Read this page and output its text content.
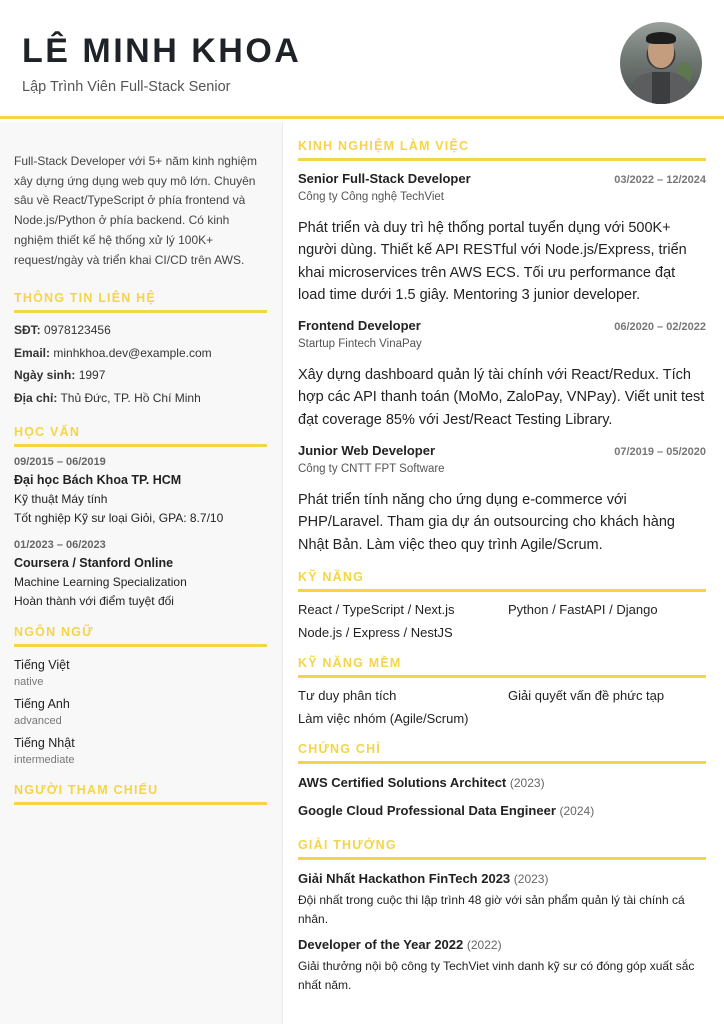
LÊ MINH KHOA
Lập Trình Viên Full-Stack Senior

Full-Stack Developer với 5+ năm kinh nghiệm xây dựng ứng dụng web quy mô lớn. Chuyên sâu về React/TypeScript ở phía frontend và Node.js/Python ở phía backend. Có kinh nghiệm thiết kế hệ thống xử lý 100K+ request/ngày và triển khai CI/CD trên AWS.

THÔNG TIN LIÊN HỆ
SĐT: 0978123456
Email: minhkhoa.dev@example.com
Ngày sinh: 1997
Địa chỉ: Thủ Đức, TP. Hồ Chí Minh
HỌC VẤN
09/2015 – 06/2019
Đại học Bách Khoa TP. HCM
Kỹ thuật Máy tính
Tốt nghiệp Kỹ sư loại Giỏi, GPA: 8.7/10
01/2023 – 06/2023
Coursera / Stanford Online
Machine Learning Specialization
Hoàn thành với điểm tuyệt đối
NGÔN NGỮ
Tiếng Việt
native
Tiếng Anh
advanced
Tiếng Nhật
intermediate
NGƯỜI THAM CHIẾU
KINH NGHIỆM LÀM VIỆC
Senior Full-Stack Developer	03/2022 – 12/2024
Công ty Công nghệ TechViet

Phát triển và duy trì hệ thống portal tuyển dụng với 500K+ người dùng. Thiết kế API RESTful với Node.js/Express, triển khai microservices trên AWS ECS. Tối ưu performance đạt load time dưới 1.5 giây. Mentoring 3 junior developer.

Frontend Developer	06/2020 – 02/2022
Startup Fintech VinaPay

Xây dựng dashboard quản lý tài chính với React/Redux. Tích hợp các API thanh toán (MoMo, ZaloPay, VNPay). Viết unit test đạt coverage 85% với Jest/React Testing Library.

Junior Web Developer	07/2019 – 05/2020
Công ty CNTT FPT Software

Phát triển tính năng cho ứng dụng e-commerce với PHP/Laravel. Tham gia dự án outsourcing cho khách hàng Nhật Bản. Làm việc theo quy trình Agile/Scrum.

KỸ NĂNG
React / TypeScript / Next.js	Python / FastAPI / Django
Node.js / Express / NestJS
KỸ NĂNG MỀM
Tư duy phân tích	Giải quyết vấn đề phức tạp
Làm việc nhóm (Agile/Scrum)
CHỨNG CHỈ
AWS Certified Solutions Architect (2023)
Google Cloud Professional Data Engineer (2024)
GIẢI THƯỞNG
Giải Nhất Hackathon FinTech 2023 (2023)
Đội nhất trong cuộc thi lập trình 48 giờ với sản phẩm quản lý tài chính cá nhân.
Developer of the Year 2022 (2022)
Giải thưởng nội bộ công ty TechViet vinh danh kỹ sư có đóng góp xuất sắc nhất năm.
